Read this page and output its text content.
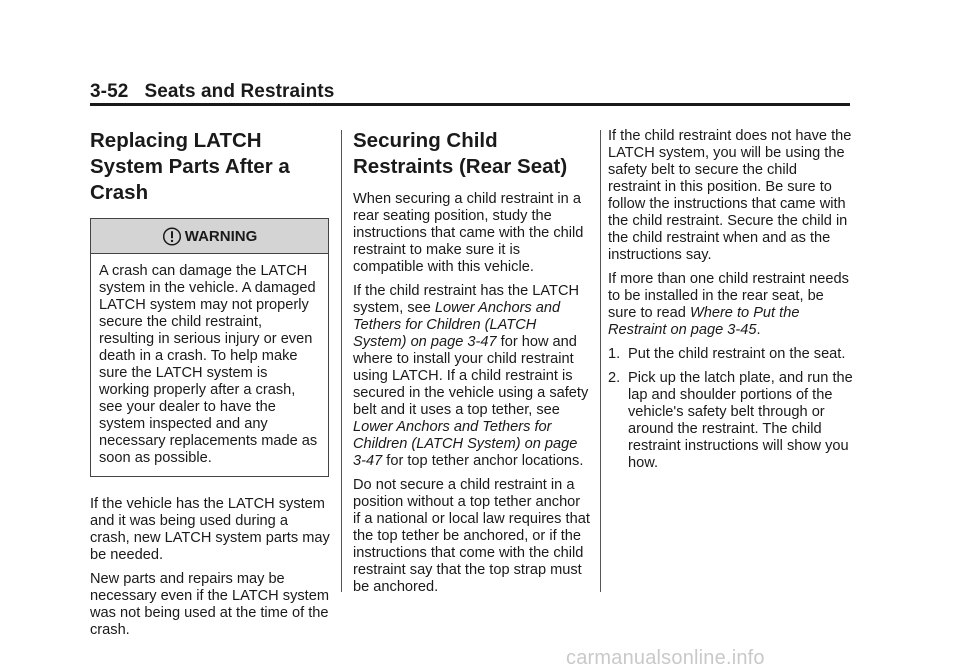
3-52 Seats and Restraints
Replacing LATCH System Parts After a Crash
WARNING
A crash can damage the LATCH system in the vehicle. A damaged LATCH system may not properly secure the child restraint, resulting in serious injury or even death in a crash. To help make sure the LATCH system is working properly after a crash, see your dealer to have the system inspected and any necessary replacements made as soon as possible.

If the vehicle has the LATCH system and it was being used during a crash, new LATCH system parts may be needed.

New parts and repairs may be necessary even if the LATCH system was not being used at the time of the crash.

Securing Child Restraints (Rear Seat)

When securing a child restraint in a rear seating position, study the instructions that came with the child restraint to make sure it is compatible with this vehicle.

If the child restraint has the LATCH system, see Lower Anchors and Tethers for Children (LATCH System) on page 3-47 for how and where to install your child restraint using LATCH. If a child restraint is secured in the vehicle using a safety belt and it uses a top tether, see Lower Anchors and Tethers for Children (LATCH System) on page 3-47 for top tether anchor locations.

Do not secure a child restraint in a position without a top tether anchor if a national or local law requires that the top tether be anchored, or if the instructions that come with the child restraint say that the top strap must be anchored.

If the child restraint does not have the LATCH system, you will be using the safety belt to secure the child restraint in this position. Be sure to follow the instructions that came with the child restraint. Secure the child in the child restraint when and as the instructions say.

If more than one child restraint needs to be installed in the rear seat, be sure to read Where to Put the Restraint on page 3-45.

1. Put the child restraint on the seat.
2. Pick up the latch plate, and run the lap and shoulder portions of the vehicle's safety belt through or around the restraint. The child restraint instructions will show you how.
carmanualsonline.info
